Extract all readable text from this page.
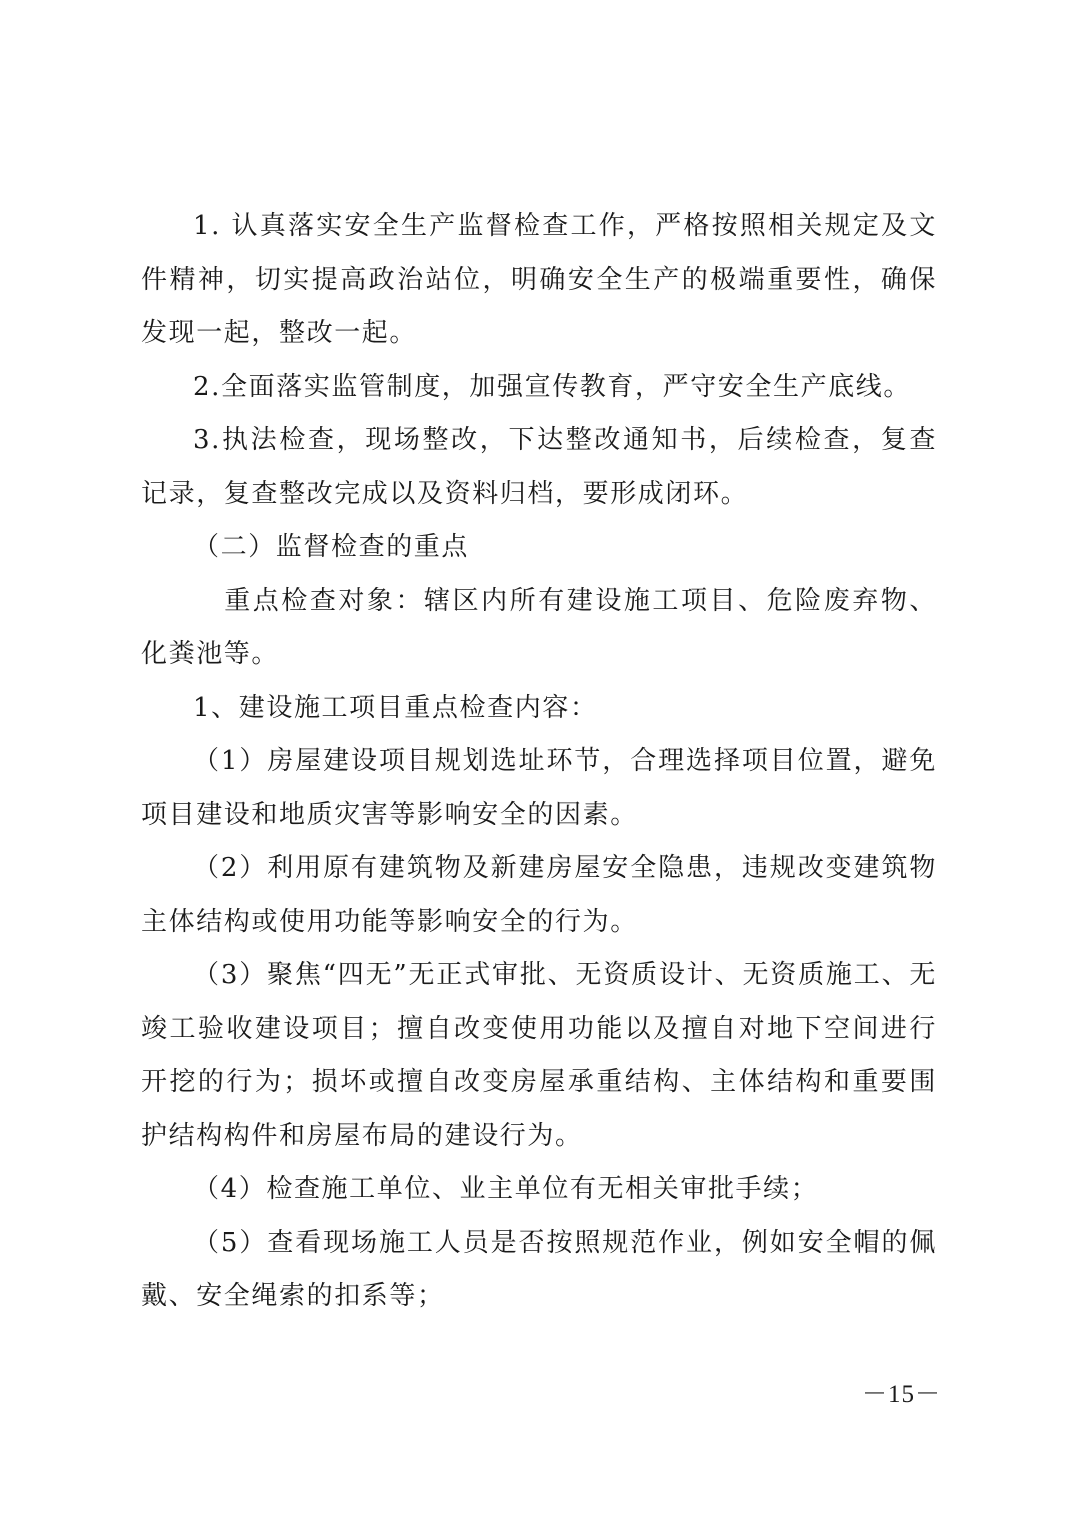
1. 认真落实安全生产监督检查工作，严格按照相关规定及文件精神，切实提高政治站位，明确安全生产的极端重要性，确保发现一起，整改一起。

2.全面落实监管制度，加强宣传教育，严守安全生产底线。

3.执法检查，现场整改，下达整改通知书，后续检查，复查记录，复查整改完成以及资料归档，要形成闭环。

（二）监督检查的重点

重点检查对象：辖区内所有建设施工项目、危险废弃物、化粪池等。

1、建设施工项目重点检查内容：

（1）房屋建设项目规划选址环节，合理选择项目位置，避免项目建设和地质灾害等影响安全的因素。

（2）利用原有建筑物及新建房屋安全隐患，违规改变建筑物主体结构或使用功能等影响安全的行为。

（3）聚焦“四无”无正式审批、无资质设计、无资质施工、无竣工验收建设项目；擅自改变使用功能以及擅自对地下空间进行开挖的行为；损坏或擅自改变房屋承重结构、主体结构和重要围护结构构件和房屋布局的建设行为。

（4）检查施工单位、业主单位有无相关审批手续；

（5）查看现场施工人员是否按照规范作业，例如安全帽的佩戴、安全绳索的扣系等；

－15－
